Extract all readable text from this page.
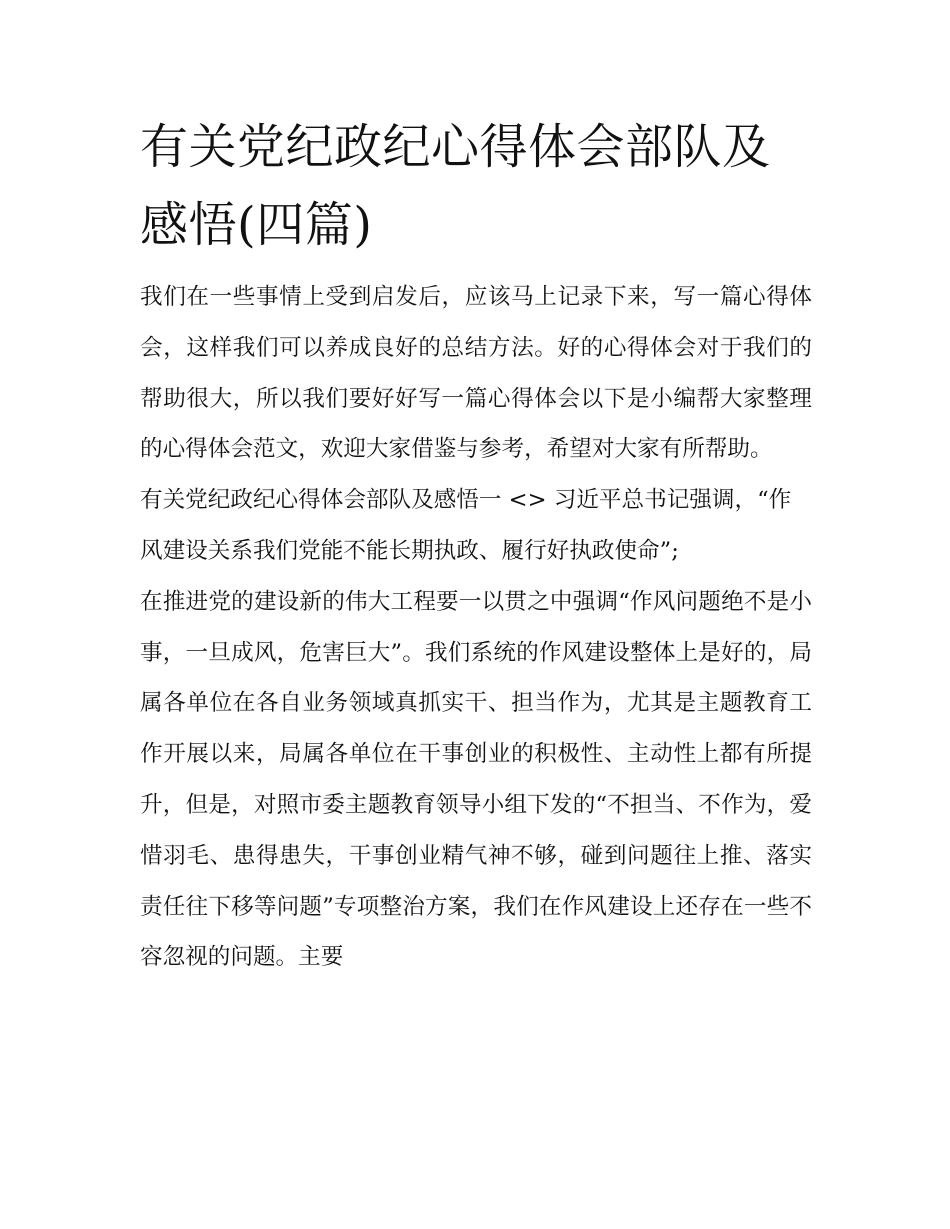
有关党纪政纪心得体会部队及感悟(四篇)

我们在一些事情上受到启发后，应该马上记录下来，写一篇心得体会，这样我们可以养成良好的总结方法。好的心得体会对于我们的帮助很大，所以我们要好好写一篇心得体会以下是小编帮大家整理的心得体会范文，欢迎大家借鉴与参考，希望对大家有所帮助。

有关党纪政纪心得体会部队及感悟一 <> 习近平总书记强调，“作风建设关系我们党能不能长期执政、履行好执政使命”;

在推进党的建设新的伟大工程要一以贯之中强调“作风问题绝不是小事，一旦成风，危害巨大”。我们系统的作风建设整体上是好的，局属各单位在各自业务领域真抓实干、担当作为，尤其是主题教育工作开展以来，局属各单位在干事创业的积极性、主动性上都有所提升，但是，对照市委主题教育领导小组下发的“不担当、不作为，爱惜羽毛、患得患失，干事创业精气神不够，碰到问题往上推、落实责任往下移等问题”专项整治方案，我们在作风建设上还存在一些不容忽视的问题。主要
